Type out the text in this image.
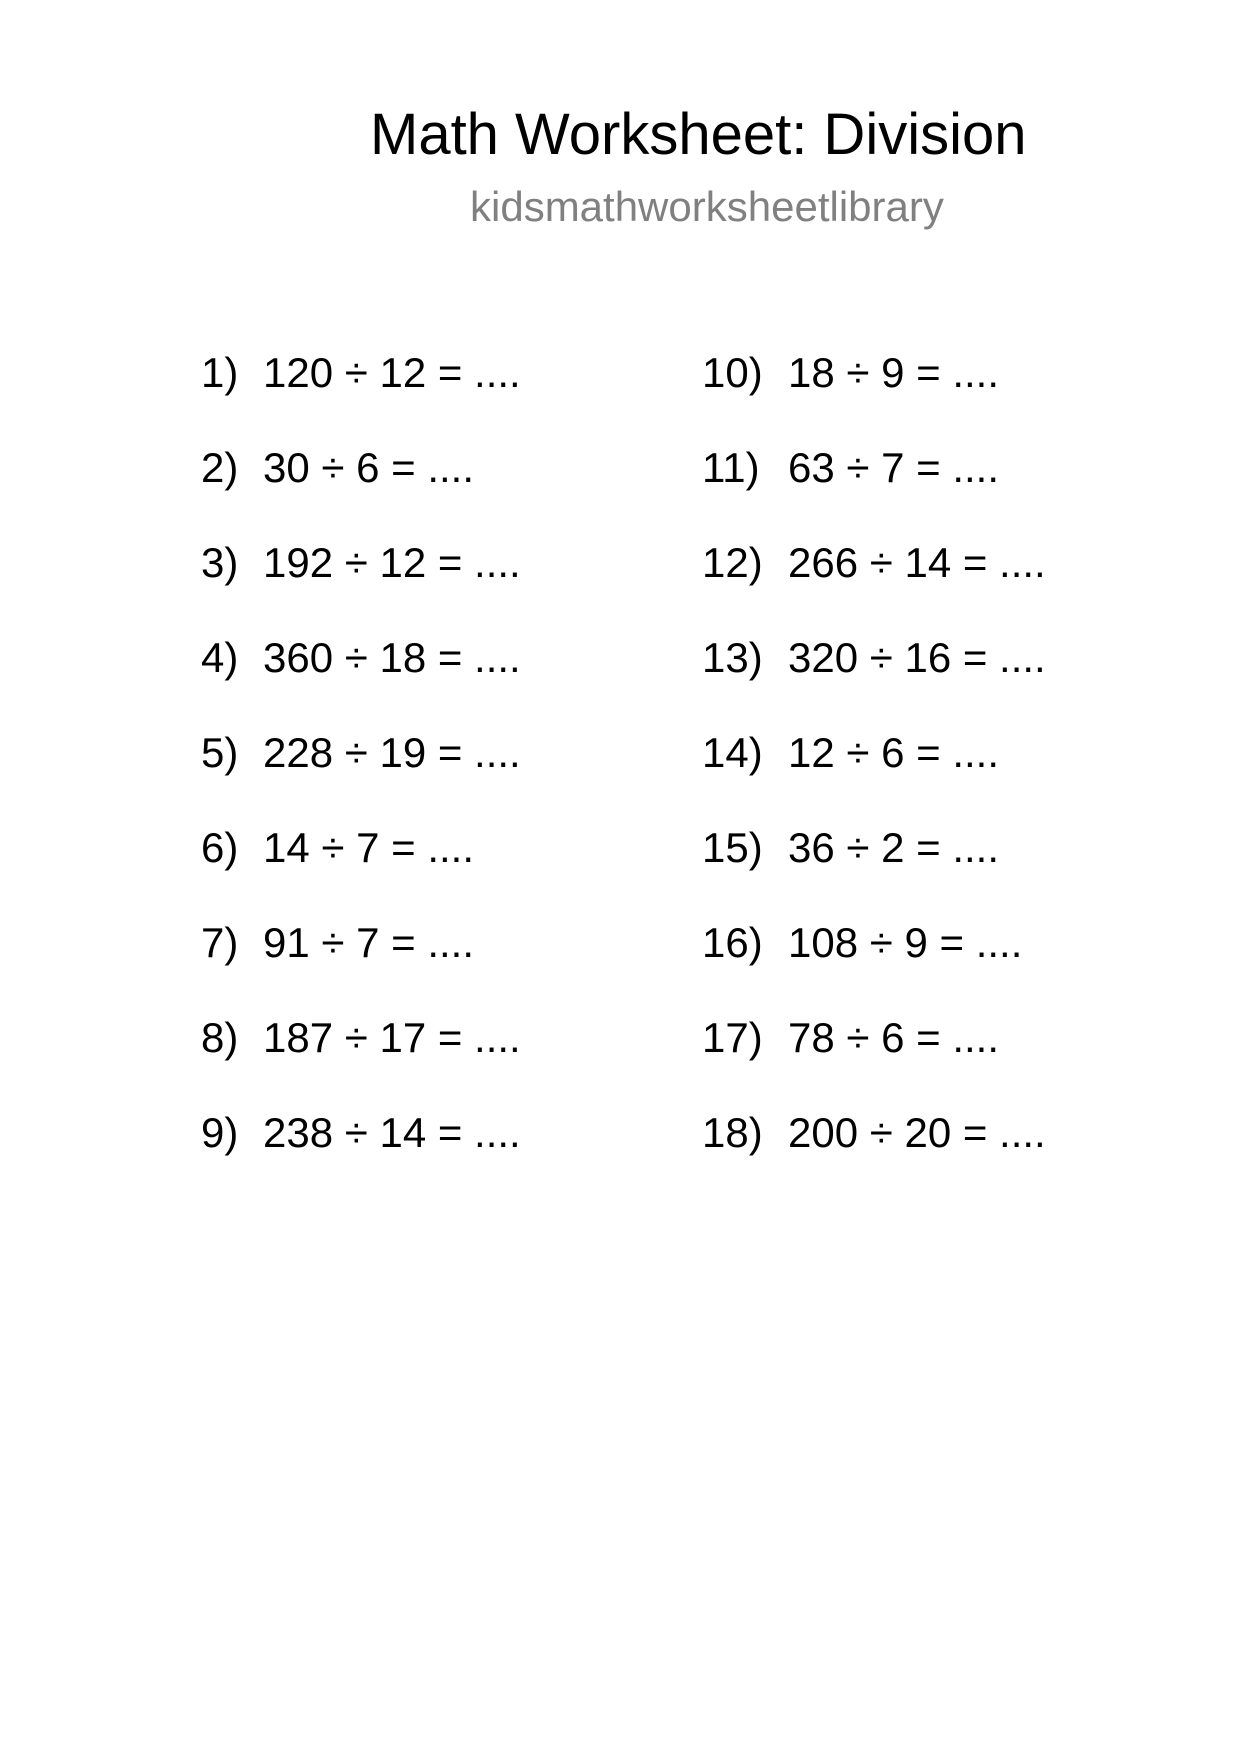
Math Worksheet: Division
kidsmathworksheetlibrary
1) 120 ÷ 12 = ....
2) 30 ÷ 6 = ....
3) 192 ÷ 12 = ....
4) 360 ÷ 18 = ....
5) 228 ÷ 19 = ....
6) 14 ÷ 7 = ....
7) 91 ÷ 7 = ....
8) 187 ÷ 17 = ....
9) 238 ÷ 14 = ....
10) 18 ÷ 9 = ....
11) 63 ÷ 7 = ....
12) 266 ÷ 14 = ....
13) 320 ÷ 16 = ....
14) 12 ÷ 6 = ....
15) 36 ÷ 2 = ....
16) 108 ÷ 9 = ....
17) 78 ÷ 6 = ....
18) 200 ÷ 20 = ....
